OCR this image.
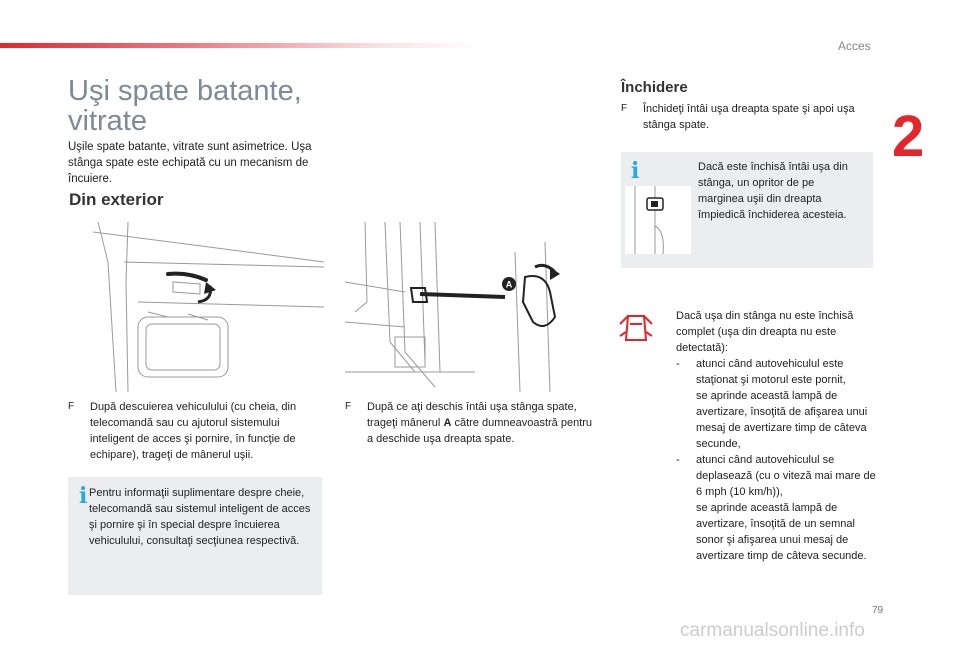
Acces
2
Uşi spate batante, vitrate
Uşile spate batante, vitrate sunt asimetrice. Uşa stânga spate este echipată cu un mecanism de încuiere.
Din exterior
A
F După descuierea vehiculului (cu cheia, din telecomandă sau cu ajutorul sistemului inteligent de acces şi pornire, în funcţie de echipare), trageţi de mânerul uşii.
F După ce aţi deschis întâi uşa stânga spate, trageţi mânerul A către dumneavoastră pentru a deschide uşa dreapta spate.
i Pentru informaţii suplimentare despre cheie, telecomandă sau sistemul inteligent de acces şi pornire şi în special despre încuierea vehiculului, consultaţi secţiunea respectivă.
Închidere
F Închideţi întâi uşa dreapta spate şi apoi uşa stânga spate.
i	Dacă este închisă întâi uşa din stânga, un opritor de pe marginea uşii din dreapta împiedică închiderea acesteia.
Dacă uşa din stânga nu este închisă complet (uşa din dreapta nu este detectată):
- atunci când autovehiculul este staţionat şi motorul este pornit,
se aprinde această lampă de avertizare, însoţită de afişarea unui mesaj de avertizare timp de câteva secunde,
- atunci când autovehiculul se deplasează (cu o viteză mai mare de 6 mph (10 km/h)),
se aprinde această lampă de avertizare, însoţită de un semnal sonor şi afişarea unui mesaj de avertizare timp de câteva secunde.
79
carmanualsonline.info
